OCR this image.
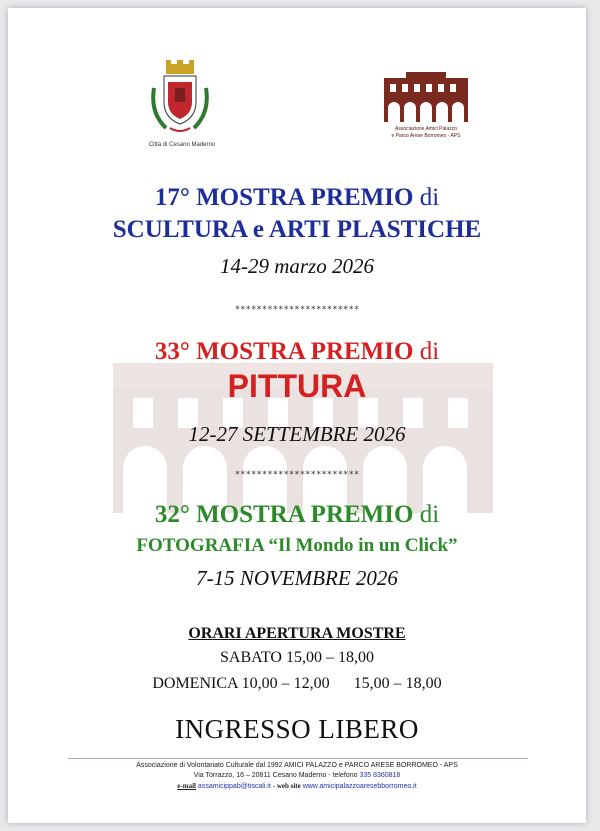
Città di Cesano Maderno
Associazione Amici Palazzo
e Parco Arese Borromeo - APS
17° MOSTRA PREMIO di
SCULTURA e ARTI PLASTICHE
14-29 marzo 2026
***********************
33° MOSTRA PREMIO di
PITTURA
12-27 SETTEMBRE 2026
***********************
32° MOSTRA PREMIO di
FOTOGRAFIA “Il Mondo in un Click”
7-15 NOVEMBRE 2026
ORARI APERTURA MOSTRE
SABATO 15,00 – 18,00
DOMENICA 10,00 – 12,00      15,00 – 18,00
INGRESSO LIBERO
Associazione di Volontariato Culturale dal 1992 AMICI PALAZZO e PARCO ARESE BORROMEO - APS
Via Torrazzo, 16 – 20811 Cesano Maderno - telefono 335 8360818
e-mail assamicippab@tiscali.it - web site www.amicipalazzoaresebborromeo.it
